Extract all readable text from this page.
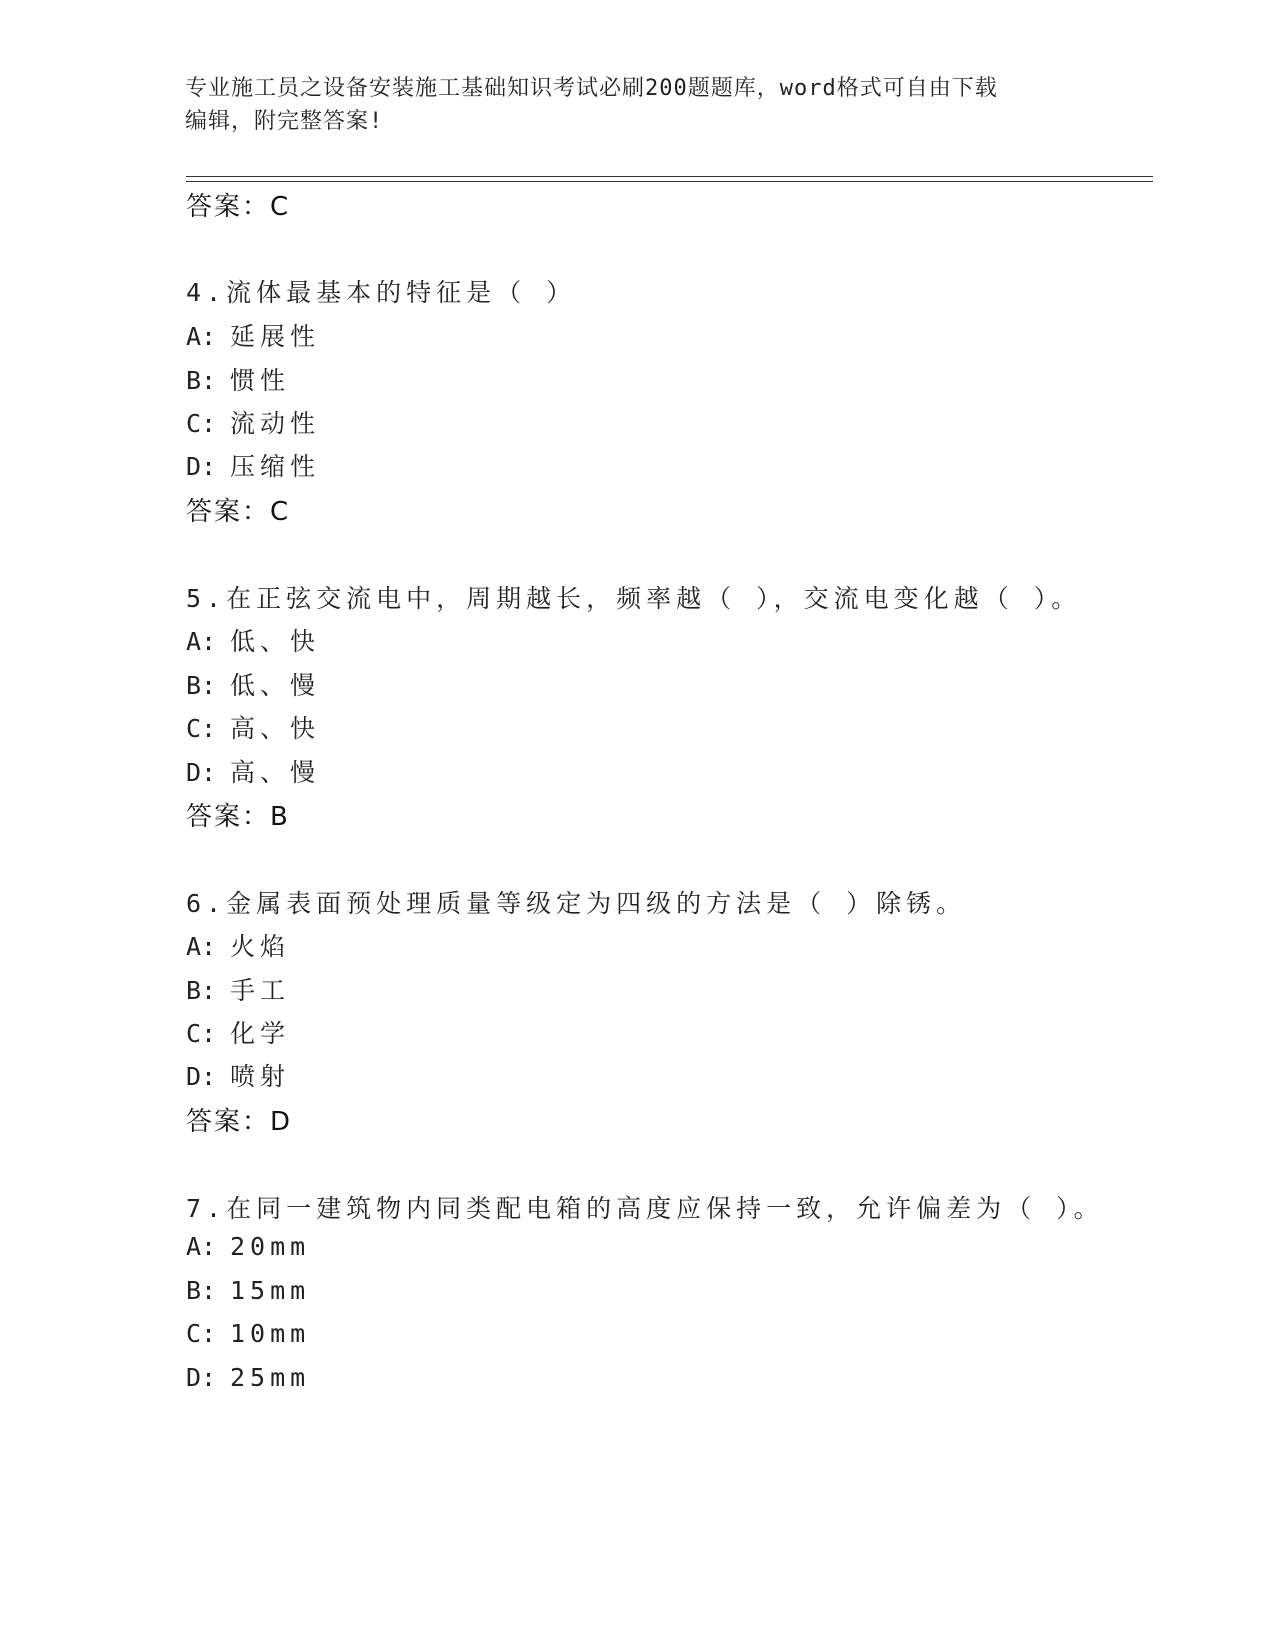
专业施工员之设备安装施工基础知识考试必刷200题题库，word格式可自由下载
编辑，附完整答案!
答案：C
4.流体最基本的特征是（ ）
A: 延展性
B: 惯性
C: 流动性
D: 压缩性
答案：C
5.在正弦交流电中，周期越长，频率越（ ），交流电变化越（ ）。
A: 低、快
B: 低、慢
C: 高、快
D: 高、慢
答案：B
6.金属表面预处理质量等级定为四级的方法是（ ）除锈。
A: 火焰
B: 手工
C: 化学
D: 喷射
答案：D
7.在同一建筑物内同类配电箱的高度应保持一致，允许偏差为（ ）。
A: 20mm
B: 15mm
C: 10mm
D: 25mm
